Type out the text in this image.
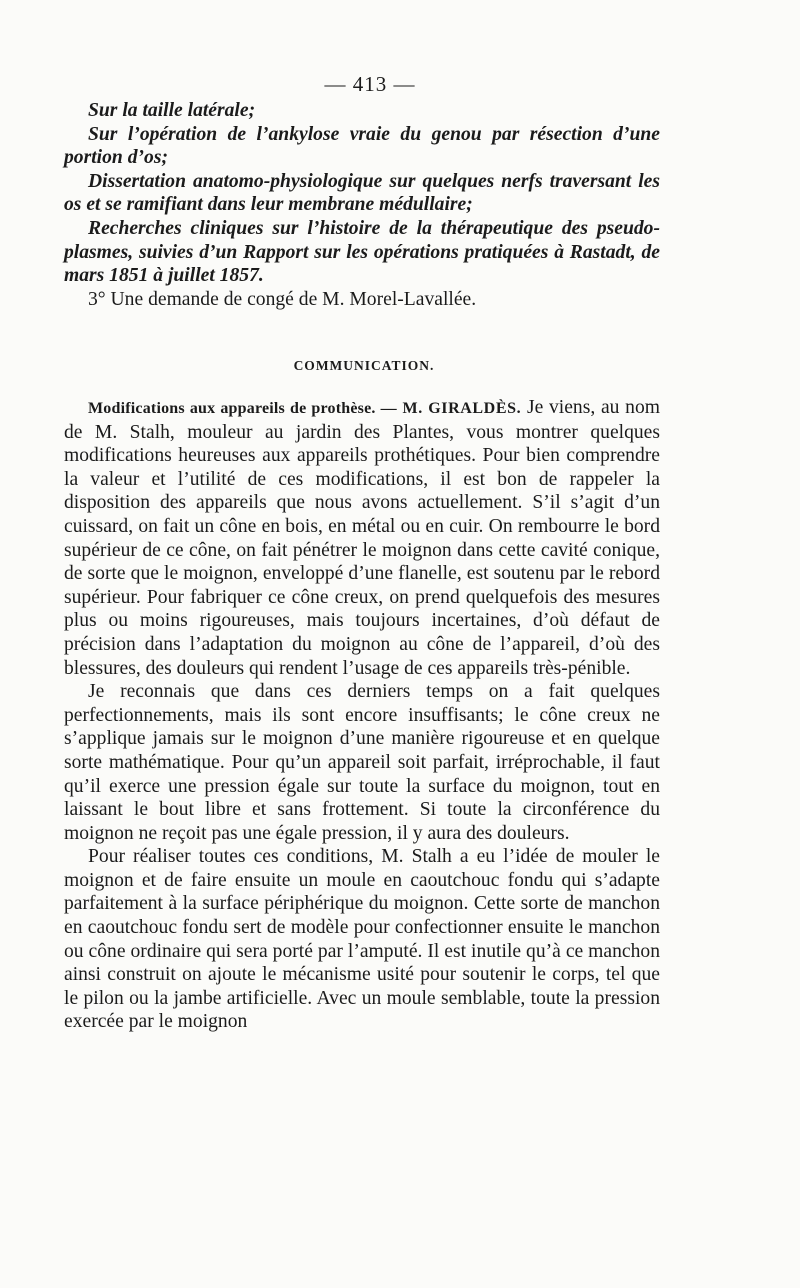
— 413 —

Sur la taille latérale;

Sur l’opération de l’ankylose vraie du genou par résection d’une portion d’os;

Dissertation anatomo-physiologique sur quelques nerfs traversant les os et se ramifiant dans leur membrane médullaire;

Recherches cliniques sur l’histoire de la thérapeutique des pseudo-plasmes, suivies d’un Rapport sur les opérations pratiquées à Rastadt, de mars 1851 à juillet 1857.

3° Une demande de congé de M. Morel-Lavallée.

COMMUNICATION.

Modifications aux appareils de prothèse. — M. GIRALDÈS. Je viens, au nom de M. Stalh, mouleur au jardin des Plantes, vous montrer quelques modifications heureuses aux appareils prothétiques. Pour bien comprendre la valeur et l’utilité de ces modifications, il est bon de rappeler la disposition des appareils que nous avons actuellement. S’il s’agit d’un cuissard, on fait un cône en bois, en métal ou en cuir. On rembourre le bord supérieur de ce cône, on fait pénétrer le moignon dans cette cavité conique, de sorte que le moignon, enveloppé d’une flanelle, est soutenu par le rebord supérieur. Pour fabriquer ce cône creux, on prend quelquefois des mesures plus ou moins rigoureuses, mais toujours incertaines, d’où défaut de précision dans l’adaptation du moignon au cône de l’appareil, d’où des blessures, des douleurs qui rendent l’usage de ces appareils très-pénible.

Je reconnais que dans ces derniers temps on a fait quelques perfectionnements, mais ils sont encore insuffisants; le cône creux ne s’applique jamais sur le moignon d’une manière rigoureuse et en quelque sorte mathématique. Pour qu’un appareil soit parfait, irréprochable, il faut qu’il exerce une pression égale sur toute la surface du moignon, tout en laissant le bout libre et sans frottement. Si toute la circonférence du moignon ne reçoit pas une égale pression, il y aura des douleurs.

Pour réaliser toutes ces conditions, M. Stalh a eu l’idée de mouler le moignon et de faire ensuite un moule en caoutchouc fondu qui s’adapte parfaitement à la surface périphérique du moignon. Cette sorte de manchon en caoutchouc fondu sert de modèle pour confectionner ensuite le manchon ou cône ordinaire qui sera porté par l’amputé. Il est inutile qu’à ce manchon ainsi construit on ajoute le mécanisme usité pour soutenir le corps, tel que le pilon ou la jambe artificielle. Avec un moule semblable, toute la pression exercée par le moignon
